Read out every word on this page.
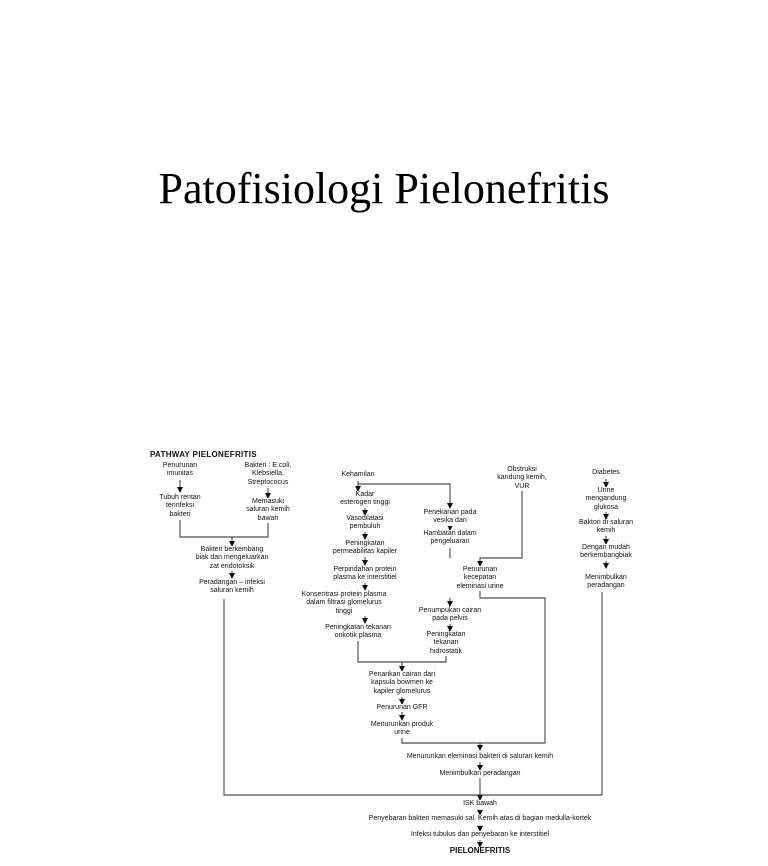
Patofisiologi Pielonefritis
PATHWAY PIELONEFRITIS
Penurunan
imunitas
Tubuh rentan
terinfeksi
bakteri
Bakteri : E.coli,
Klebsiella,
Streptococus
Memasuki
saluran kemih
bawah
Bakteri berkembang
biak dan mengeluarkan
zat endotoksik
Peradangan – infeksi
saluran kemih
Kehamilan
Kadar
esterogen tinggi
Vasodilatasi
pembuluh
Peningkatan
permeabilitas kapiler
Perpindahan protein
plasma ke interstitiel
Konsentrasi protein plasma
dalam filtrasi glomelurus
tinggi
Peningkatan tekanan
onkotik plasma
Penekanan pada
vesika dan
Hambatan dalam
pengeluaran
Obstruksi
kandung kemih,
VUR
Penurunan
kecepatan
eleminasi urine
Penumpukan cairan
pada pelvis
Peningkatan
tekanan
hidrostatik
Diabetes
Urine
mengandung
glukosa
Baktori di saluran
kemih
Dengan mudah
berkembangbiak
Menimbulkan
peradangan
Penarikan cairan dari
kapsula bowmen ke
kapiler glomelurus
Penurunan GFR
Menurunkan produk
urine
Menurunkan eleminasi bakteri di saluran kemih
Menimbulkan peradangan
ISK bawah
Penyebaran bakteri memasuki sal. Kemih atas di bagian medulla-kortek
Infeksi tubulus dan penyebaran ke interstitiel
PIELONEFRITIS
